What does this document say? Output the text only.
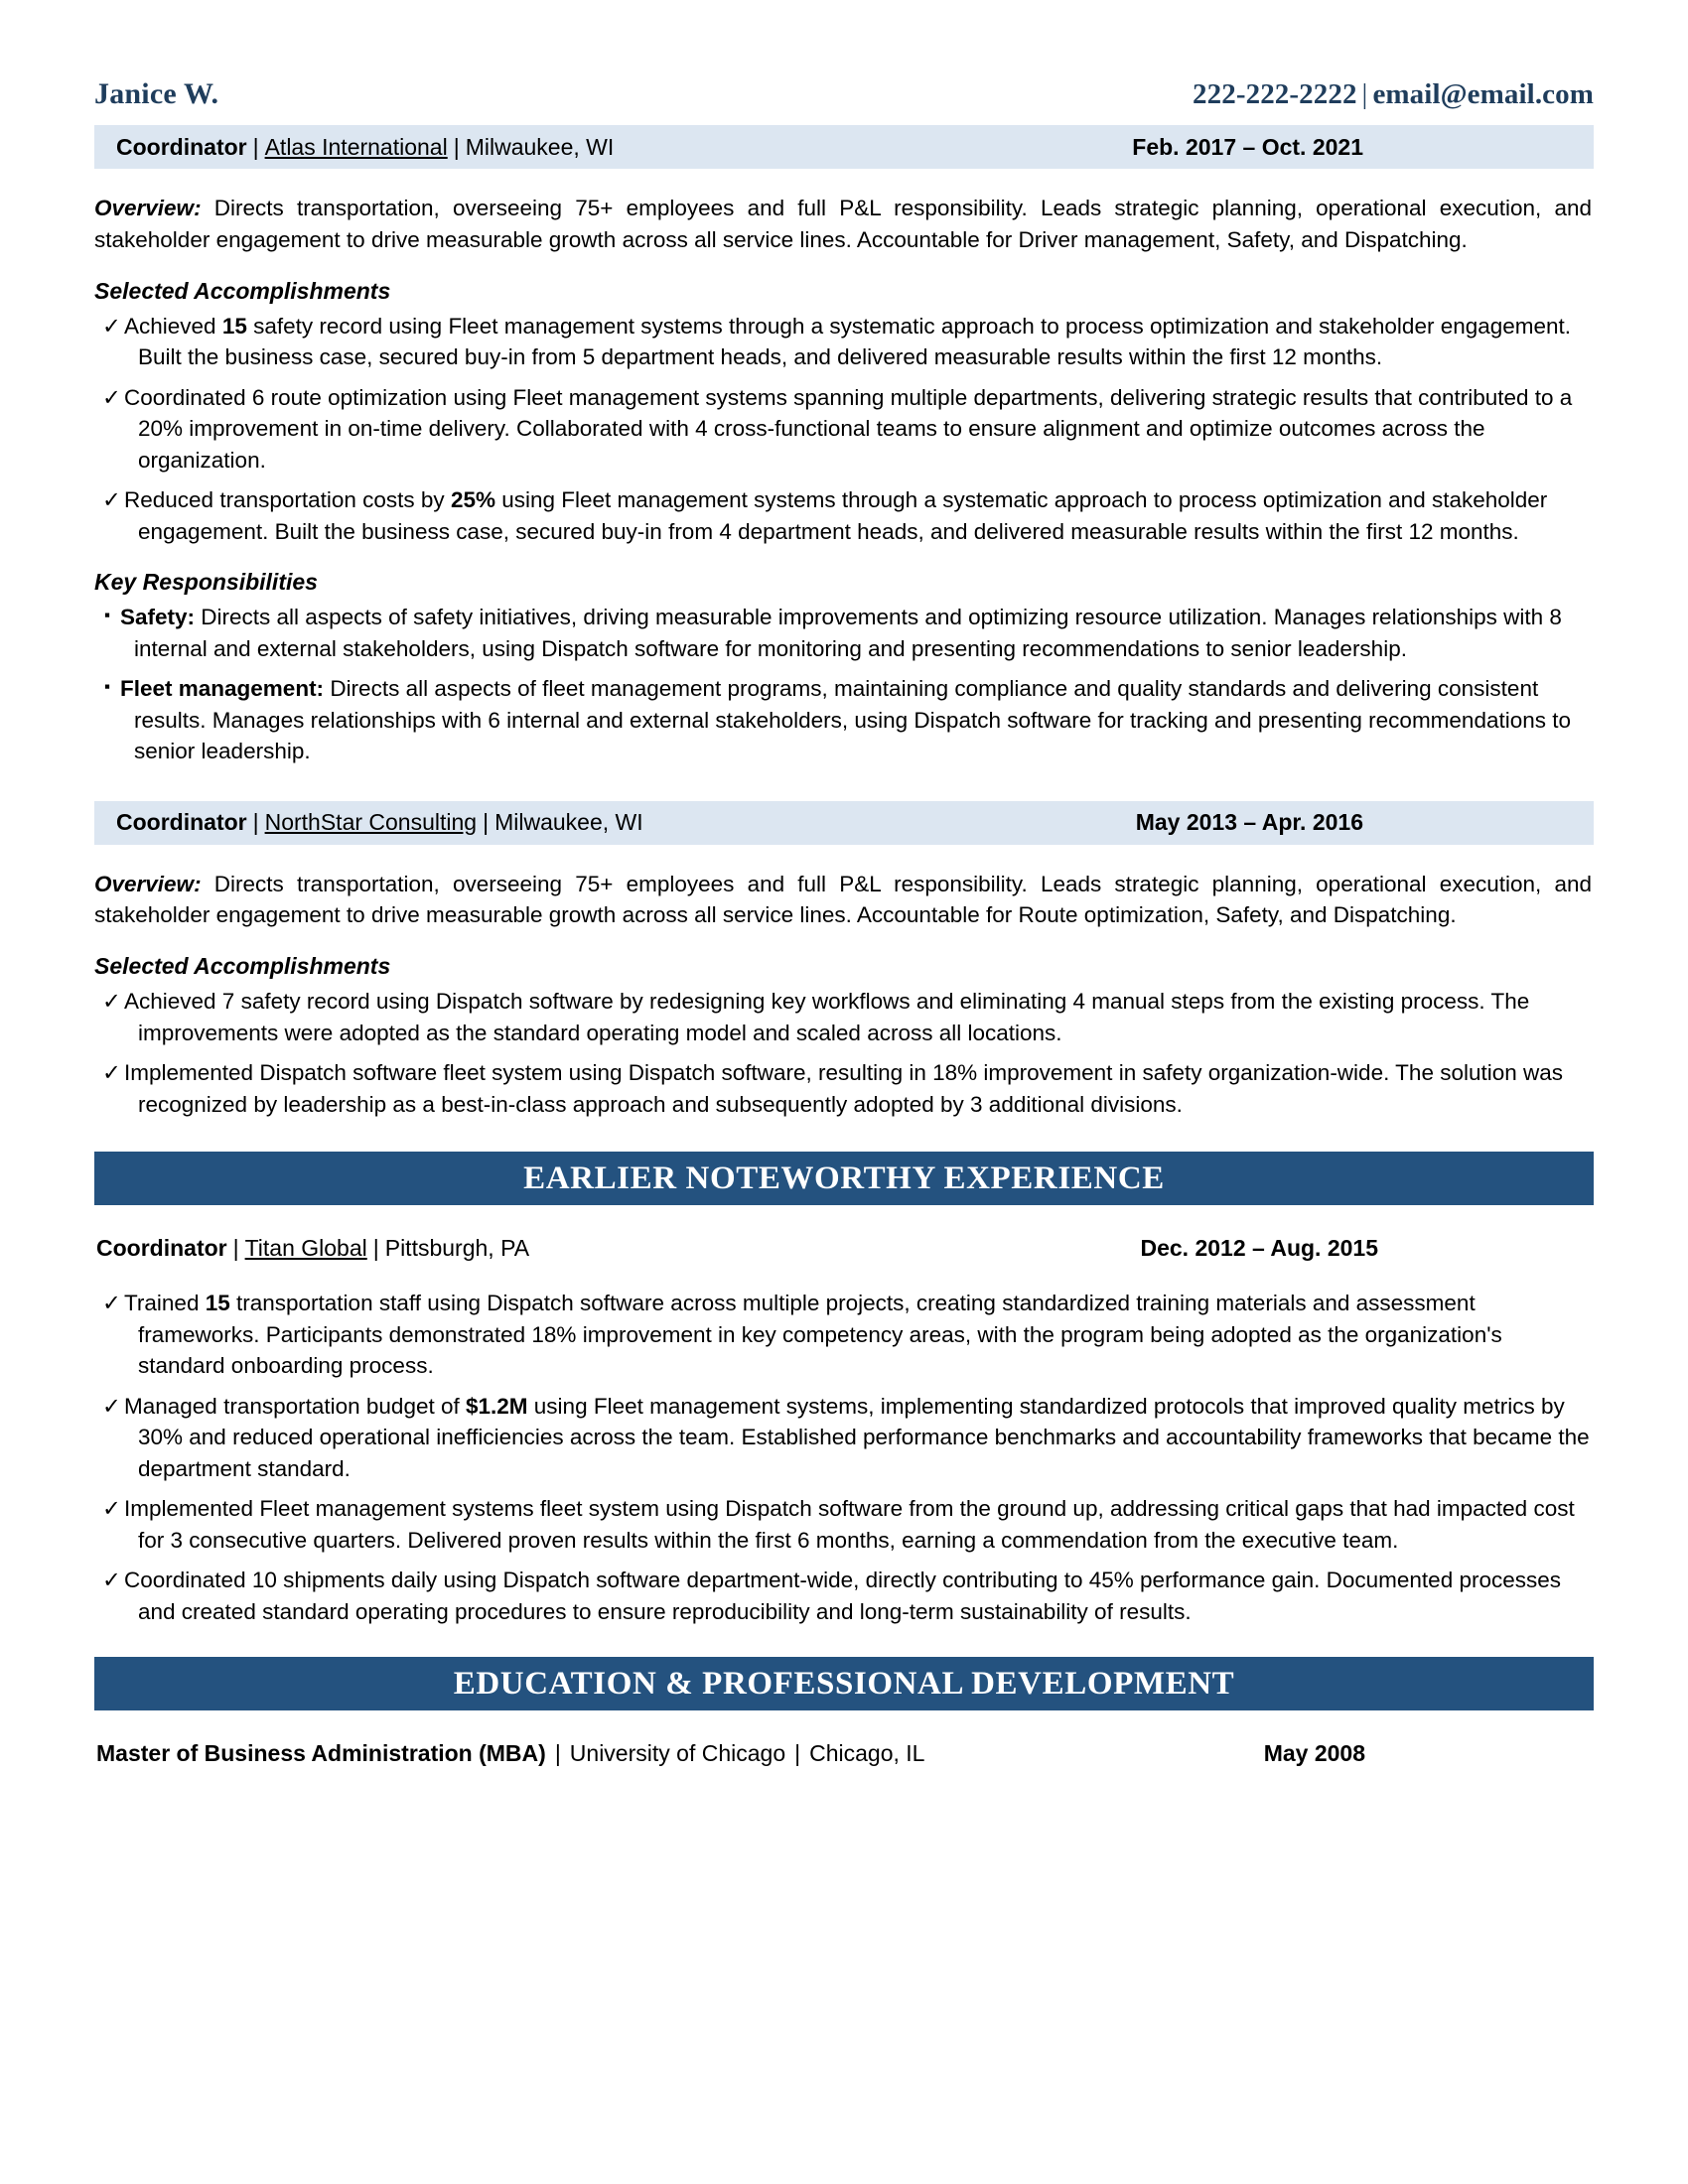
Janice W.	222-222-2222 | email@email.com
Coordinator | Atlas International | Milwaukee, WI	Feb. 2017 – Oct. 2021

Overview: Directs transportation, overseeing 75+ employees and full P&L responsibility. Leads strategic planning, operational execution, and stakeholder engagement to drive measurable growth across all service lines. Accountable for Driver management, Safety, and Dispatching.

Selected Accomplishments
✓ Achieved 15 safety record using Fleet management systems through a systematic approach to process optimization and stakeholder engagement. Built the business case, secured buy-in from 5 department heads, and delivered measurable results within the first 12 months.
✓ Coordinated 6 route optimization using Fleet management systems spanning multiple departments, delivering strategic results that contributed to a 20% improvement in on-time delivery. Collaborated with 4 cross-functional teams to ensure alignment and optimize outcomes across the organization.
✓ Reduced transportation costs by 25% using Fleet management systems through a systematic approach to process optimization and stakeholder engagement. Built the business case, secured buy-in from 4 department heads, and delivered measurable results within the first 12 months.
Key Responsibilities
▪ Safety: Directs all aspects of safety initiatives, driving measurable improvements and optimizing resource utilization. Manages relationships with 8 internal and external stakeholders, using Dispatch software for monitoring and presenting recommendations to senior leadership.
▪ Fleet management: Directs all aspects of fleet management programs, maintaining compliance and quality standards and delivering consistent results. Manages relationships with 6 internal and external stakeholders, using Dispatch software for tracking and presenting recommendations to senior leadership.
Coordinator | NorthStar Consulting | Milwaukee, WI	May 2013 – Apr. 2016

Overview: Directs transportation, overseeing 75+ employees and full P&L responsibility. Leads strategic planning, operational execution, and stakeholder engagement to drive measurable growth across all service lines. Accountable for Route optimization, Safety, and Dispatching.

Selected Accomplishments
✓ Achieved 7 safety record using Dispatch software by redesigning key workflows and eliminating 4 manual steps from the existing process. The improvements were adopted as the standard operating model and scaled across all locations.
✓ Implemented Dispatch software fleet system using Dispatch software, resulting in 18% improvement in safety organization-wide. The solution was recognized by leadership as a best-in-class approach and subsequently adopted by 3 additional divisions.
EARLIER NOTEWORTHY EXPERIENCE
Coordinator | Titan Global | Pittsburgh, PA	Dec. 2012 – Aug. 2015
✓ Trained 15 transportation staff using Dispatch software across multiple projects, creating standardized training materials and assessment frameworks. Participants demonstrated 18% improvement in key competency areas, with the program being adopted as the organization's standard onboarding process.
✓ Managed transportation budget of $1.2M using Fleet management systems, implementing standardized protocols that improved quality metrics by 30% and reduced operational inefficiencies across the team. Established performance benchmarks and accountability frameworks that became the department standard.
✓ Implemented Fleet management systems fleet system using Dispatch software from the ground up, addressing critical gaps that had impacted cost for 3 consecutive quarters. Delivered proven results within the first 6 months, earning a commendation from the executive team.
✓ Coordinated 10 shipments daily using Dispatch software department-wide, directly contributing to 45% performance gain. Documented processes and created standard operating procedures to ensure reproducibility and long-term sustainability of results.
EDUCATION & PROFESSIONAL DEVELOPMENT
Master of Business Administration (MBA) | University of Chicago | Chicago, IL	May 2008
